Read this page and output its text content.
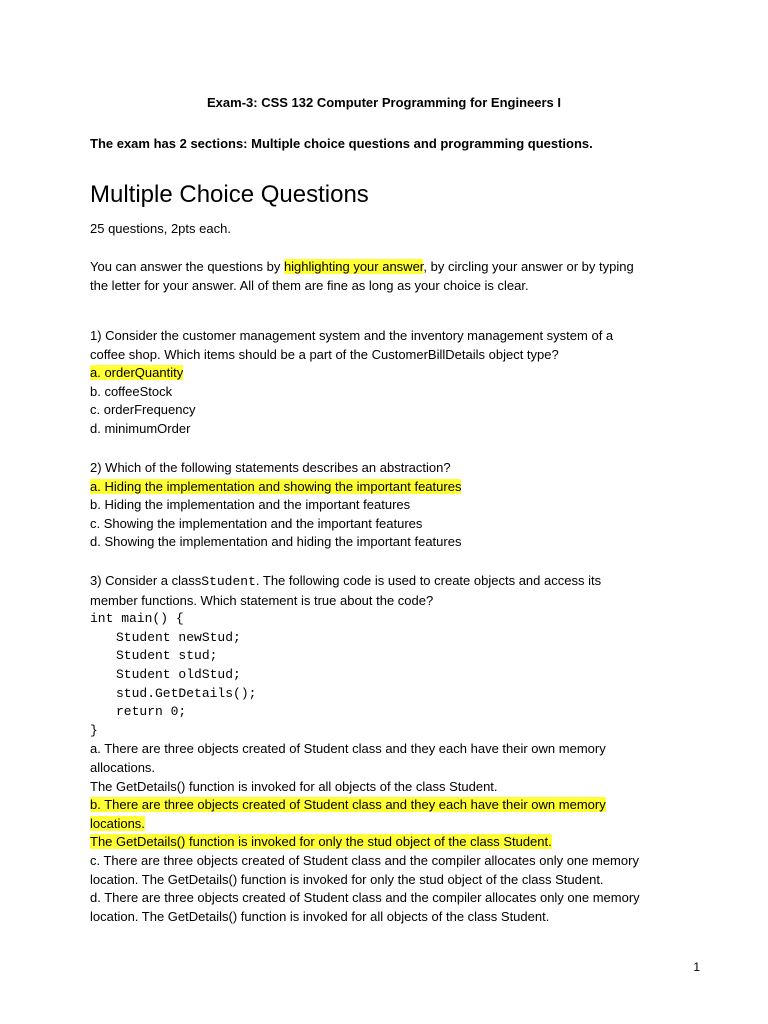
Exam-3: CSS 132 Computer Programming for Engineers I
The exam has 2 sections: Multiple choice questions and programming questions.
Multiple Choice Questions
25 questions, 2pts each.
You can answer the questions by highlighting your answer, by circling your answer or by typing
the letter for your answer. All of them are fine as long as your choice is clear.
1) Consider the customer management system and the inventory management system of a
coffee shop. Which items should be a part of the CustomerBillDetails object type?
a. orderQuantity
b. coffeeStock
c. orderFrequency
d. minimumOrder
2) Which of the following statements describes an abstraction?
a. Hiding the implementation and showing the important features
b. Hiding the implementation and the important features
c. Showing the implementation and the important features
d. Showing the implementation and hiding the important features
3) Consider a classStudent. The following code is used to create objects and access its
member functions. Which statement is true about the code?
int main() {
Student newStud;
Student stud;
Student oldStud;
stud.GetDetails();
return 0;
}
a. There are three objects created of Student class and they each have their own memory
allocations.
The GetDetails() function is invoked for all objects of the class Student.
b. There are three objects created of Student class and they each have their own memory
locations.
The GetDetails() function is invoked for only the stud object of the class Student.
c. There are three objects created of Student class and the compiler allocates only one memory
location. The GetDetails() function is invoked for only the stud object of the class Student.
d. There are three objects created of Student class and the compiler allocates only one memory
location. The GetDetails() function is invoked for all objects of the class Student.
1
